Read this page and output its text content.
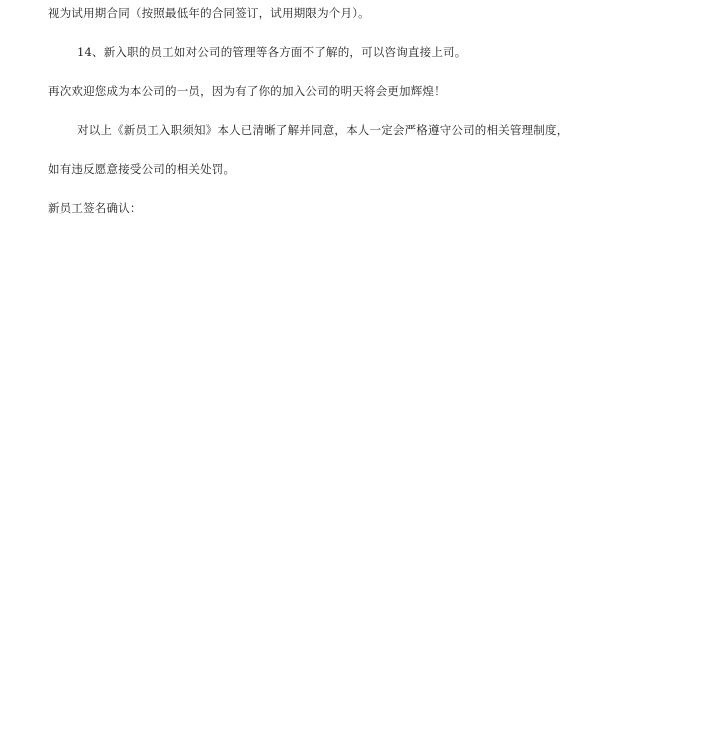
视为试用期合同（按照最低年的合同签订，试用期限为个月）。
14、新入职的员工如对公司的管理等各方面不了解的，可以咨询直接上司。
再次欢迎您成为本公司的一员，因为有了你的加入公司的明天将会更加辉煌！
对以上《新员工入职须知》本人已清晰了解并同意，本人一定会严格遵守公司的相关管理制度，
如有违反愿意接受公司的相关处罚。
新员工签名确认：
